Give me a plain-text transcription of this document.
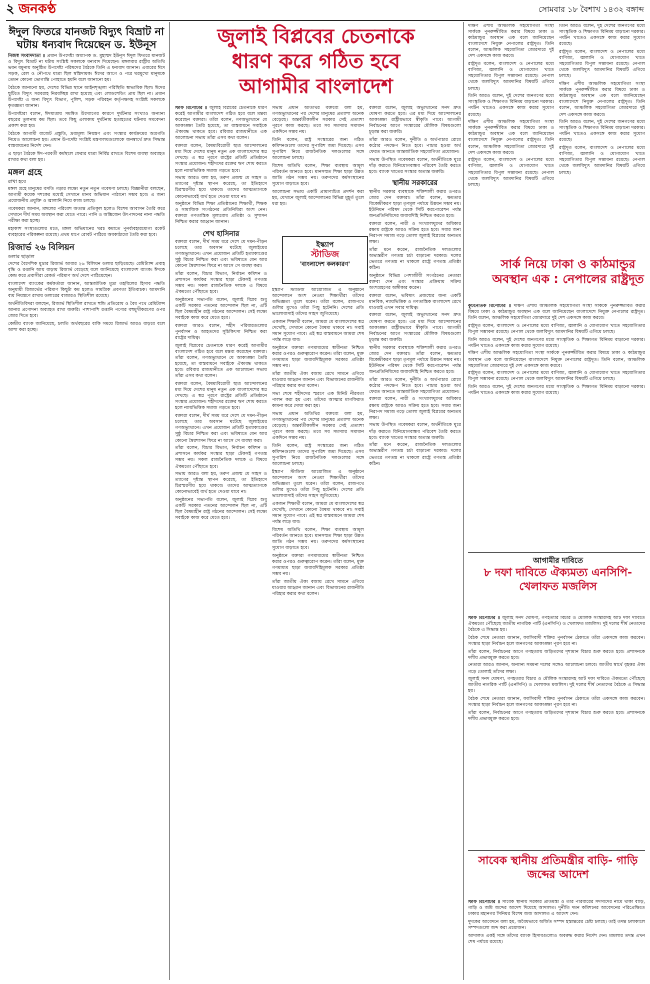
২ জনকণ্ঠ	সোমবার ১৮ বৈশাখ ১৪৩২ বঙ্গাব্দ
ঈদুল ফিতরে যানজট বিদ্যুৎ বিভ্রাট না ঘটায় ধন্যবাদ দিয়েছেন ড. ইউনূস

নিজস্ব সংবাদদাতা ॥ প্রধান উপদেষ্টা অধ্যাপক ড. মুহাম্মদ ইউনূস ঈদুল ফিতরে যানজট ও বিদ্যুৎ বিভ্রাট না ঘটায় সংশ্লিষ্ট সকলকে ধন্যবাদ দিয়েছেন। মঙ্গলবার রাষ্ট্রীয় অতিথি ভবন যমুনায় অনুষ্ঠিত উপদেষ্টা পরিষদের বৈঠকে তিনি এ ধন্যবাদ জানান। এবারের ঈদে সড়ক, রেল ও নৌপথে যাত্রা ছিল স্বস্তিদায়ক। ঈদের আগে ও পরে ঘরমুখো মানুষকে তেমন কোনো ভোগান্তি পোহাতে হয়নি বলে জানানো হয়।

বৈঠকে জানানো হয়, দেশের বিভিন্ন স্থানে আইনশৃঙ্খলা পরিস্থিতি স্বাভাবিক ছিল। ঈদের ছুটিতে বিদ্যুৎ সরবরাহ নিরবচ্ছিন্ন রাখা হয়েছে এবং লোডশেডিং প্রায় ছিল না। প্রধান উপদেষ্টা এ জন্য বিদ্যুৎ বিভাগ, পুলিশ, সড়ক পরিবহন কর্তৃপক্ষসহ সংশ্লিষ্ট সকলকে কৃতজ্ঞতা জানান।

উপদেষ্টারা বলেন, ঈদযাত্রায় সমন্বিত উদ্যোগের কারণে দুর্ঘটনার সংখ্যাও অন্যান্য বছরের তুলনায় কম ছিল। তবে কিছু এলাকায় দুর্ঘটনায় হতাহতের ঘটনায় সমবেদনা প্রকাশ করা হয়।

বৈঠকে আগামী বাজেট প্রস্তুতি, দ্রব্যমূল্য নিয়ন্ত্রণ এবং সংস্কার কার্যক্রমের অগ্রগতি নিয়েও আলোচনা হয়। প্রধান উপদেষ্টা সংশ্লিষ্ট মন্ত্রণালয়গুলোকে জনস্বার্থে দ্রুত সিদ্ধান্ত বাস্তবায়নের নির্দেশ দেন।

এ ছাড়া বৈঠকে ঈদ-পরবর্তী কর্মস্থলে ফেরার যাত্রা নির্বিঘ্ন রাখতে বিশেষ ব্যবস্থা অব্যাহত রাখার কথা বলা হয়।

মঙ্গল গ্রহে
রাখা হবে

মঙ্গল গ্রহে মানুষের বসতি গড়ার লক্ষ্যে নতুন নতুন গবেষণা চলছে। বিজ্ঞানীরা বলছেন, আগামী কয়েক দশকের মধ্যেই সেখানে মানব অভিযান পাঠানো সম্ভব হবে। এ জন্য প্রয়োজনীয় প্রযুক্তি ও জ্বালানি নিয়ে কাজ চলছে।

গবেষকরা জানান, মঙ্গলের পরিবেশ অত্যন্ত প্রতিকূল হলেও বিশেষ আবাসন তৈরি করে সেখানে দীর্ঘ সময় অবস্থান করা যেতে পারে। পানি ও অক্সিজেন উৎপাদনের নানা পদ্ধতি পরীক্ষা করা হচ্ছে।

মহাকাশ সংস্থাগুলোর মতে, মঙ্গল অভিযানের খরচ কমাতে পুনর্ব্যবহারযোগ্য রকেট ব্যবহারের পরিকল্পনা রয়েছে। প্রথম ধাপে রোবট পাঠিয়ে অবকাঠামো তৈরি করা হবে।

রিজার্ভ ২৬ বিলিয়ন
ডলার ছাড়াল

দেশের বৈদেশিক মুদ্রার রিজার্ভ আবার ২৬ বিলিয়ন ডলার ছাড়িয়েছে। রেমিট্যান্স প্রবাহ বৃদ্ধি ও রপ্তানি আয় বাড়ায় রিজার্ভ বেড়েছে বলে জানিয়েছে বাংলাদেশ ব্যাংক। ঈদকে কেন্দ্র করে প্রবাসীরা রেকর্ড পরিমাণ অর্থ দেশে পাঠিয়েছেন।

বাংলাদেশ ব্যাংকের কর্মকর্তারা জানান, আন্তর্জাতিক মুদ্রা তহবিলের হিসাব পদ্ধতি অনুযায়ী রিজার্ভের পরিমাণ কিছুটা কম হলেও সামগ্রিক প্রবণতা ইতিবাচক। আমদানি ব্যয় নিয়ন্ত্রণে রাখায় ডলারের বাজারও স্থিতিশীল রয়েছে।

অর্থনীতিবিদরা বলছেন, রিজার্ভ স্থিতিশীল রাখতে হুন্ডি প্রতিরোধ ও বৈধ পথে রেমিট্যান্স আনার প্রণোদনা অব্যাহত রাখা জরুরি। পাশাপাশি রপ্তানি পণ্যের বহুমুখীকরণের ওপর জোর দিতে হবে।

কেন্দ্রীয় ব্যাংক জানিয়েছে, চলতি অর্থবছরের বাকি সময়ে রিজার্ভ আরও বাড়বে বলে আশা করা হচ্ছে।

জুলাই বিপ্লবের চেতনাকে
ধারণ করে গঠিত হবে
আগামীর বাংলাদেশ

স্টাফ রিপোর্টার ॥ জুলাই বিপ্লবের চেতনাকে ধারণ করেই আগামীর বাংলাদেশ গঠিত হবে বলে মন্তব্য করেছেন বক্তারা। তাঁরা বলেন, গণঅভ্যুত্থানে যে আকাঙ্ক্ষা তৈরি হয়েছে, তা বাস্তবায়নে সবাইকে ঐক্যবদ্ধ থাকতে হবে। রবিবার রাজধানীতে এক আলোচনা সভায় তাঁরা এসব কথা বলেন।

বক্তারা বলেন, বৈষম্যবিরোধী ছাত্র আন্দোলনের মধ্য দিয়ে দেশের মানুষ নতুন এক বাংলাদেশের স্বপ্ন দেখছে। এ স্বপ্ন পূরণে রাষ্ট্রের প্রতিটি প্রতিষ্ঠানে সংস্কার প্রয়োজন। শহীদদের রক্তের ঋণ শোধ করতে হলে ন্যায়ভিত্তিক সমাজ গড়তে হবে।

সভায় আরও বলা হয়, তরুণ প্রজন্ম যে সাহস ও ত্যাগের দৃষ্টান্ত স্থাপন করেছে, তা ইতিহাসে চিরস্মরণীয় হয়ে থাকবে। তাদের আত্মত্যাগকে কোনোভাবেই ব্যর্থ হতে দেওয়া যাবে না।

অনুষ্ঠানে বিভিন্ন শিক্ষা প্রতিষ্ঠানের শিক্ষার্থী, শিক্ষক ও সামাজিক সংগঠনের প্রতিনিধিরা অংশ নেন। বক্তারা গণতান্ত্রিক মূল্যবোধ প্রতিষ্ঠা ও সুশাসন নিশ্চিত করার আহ্বান জানান।

শেখ হাসিনার

বক্তারা বলেন, দীর্ঘ সময় ধরে দেশে যে দমন-পীড়ন চলেছে তার অবসান ঘটেছে জুলাইয়ের গণঅভ্যুত্থানে। এখন প্রয়োজন প্রতিটি হত্যাকাণ্ডের সুষ্ঠু বিচার নিশ্চিত করা এবং ভবিষ্যতে যেন আর কোনো স্বৈরশাসন ফিরে না আসে সে ব্যবস্থা করা।

তাঁরা বলেন, বিচার বিভাগ, নির্বাচন কমিশন ও প্রশাসনে কার্যকর সংস্কার ছাড়া টেকসই গণতন্ত্র সম্ভব নয়। সকল রাজনৈতিক দলকে এ বিষয়ে ঐকমত্যে পৌঁছাতে হবে।

অনুষ্ঠানের সভাপতি বলেন, জুলাই বিপ্লব শুধু একটি সরকার পতনের আন্দোলন ছিল না, এটি ছিল বৈষম্যহীন রাষ্ট্র গঠনের আন্দোলন। সেই লক্ষ্যে সবাইকে কাজ করে যেতে হবে।

বক্তারা আরও বলেন, শহীদ পরিবারগুলোর পুনর্বাসন ও আহতদের সুচিকিৎসা নিশ্চিত করা রাষ্ট্রের দায়িত্ব।

জুলাই বিপ্লবের চেতনাকে ধারণ করেই আগামীর বাংলাদেশ গঠিত হবে বলে মন্তব্য করেছেন বক্তারা। তাঁরা বলেন, গণঅভ্যুত্থানে যে আকাঙ্ক্ষা তৈরি হয়েছে, তা বাস্তবায়নে সবাইকে ঐক্যবদ্ধ থাকতে হবে। রবিবার রাজধানীতে এক আলোচনা সভায় তাঁরা এসব কথা বলেন।

বক্তারা বলেন, বৈষম্যবিরোধী ছাত্র আন্দোলনের মধ্য দিয়ে দেশের মানুষ নতুন এক বাংলাদেশের স্বপ্ন দেখছে। এ স্বপ্ন পূরণে রাষ্ট্রের প্রতিটি প্রতিষ্ঠানে সংস্কার প্রয়োজন। শহীদদের রক্তের ঋণ শোধ করতে হলে ন্যায়ভিত্তিক সমাজ গড়তে হবে।

বক্তারা বলেন, দীর্ঘ সময় ধরে দেশে যে দমন-পীড়ন চলেছে তার অবসান ঘটেছে জুলাইয়ের গণঅভ্যুত্থানে। এখন প্রয়োজন প্রতিটি হত্যাকাণ্ডের সুষ্ঠু বিচার নিশ্চিত করা এবং ভবিষ্যতে যেন আর কোনো স্বৈরশাসন ফিরে না আসে সে ব্যবস্থা করা।

তাঁরা বলেন, বিচার বিভাগ, নির্বাচন কমিশন ও প্রশাসনে কার্যকর সংস্কার ছাড়া টেকসই গণতন্ত্র সম্ভব নয়। সকল রাজনৈতিক দলকে এ বিষয়ে ঐকমত্যে পৌঁছাতে হবে।

সভায় আরও বলা হয়, তরুণ প্রজন্ম যে সাহস ও ত্যাগের দৃষ্টান্ত স্থাপন করেছে, তা ইতিহাসে চিরস্মরণীয় হয়ে থাকবে। তাদের আত্মত্যাগকে কোনোভাবেই ব্যর্থ হতে দেওয়া যাবে না।

অনুষ্ঠানের সভাপতি বলেন, জুলাই বিপ্লব শুধু একটি সরকার পতনের আন্দোলন ছিল না, এটি ছিল বৈষম্যহীন রাষ্ট্র গঠনের আন্দোলন। সেই লক্ষ্যে সবাইকে কাজ করে যেতে হবে।

সভায় প্রধান অতিথির বক্তব্যে বলা হয়, গণঅভ্যুত্থানের পর দেশের মানুষের প্রত্যাশা অনেক বেড়েছে। অন্তর্বর্তীকালীন সরকার সেই প্রত্যাশা পূরণে কাজ করছে। তবে সব সমস্যার সমাধান একদিনে সম্ভব নয়।

তিনি বলেন, রাষ্ট্র সংস্কারের জন্য গঠিত কমিশনগুলো তাদের সুপারিশ জমা দিয়েছে। এসব সুপারিশ নিয়ে রাজনৈতিক দলগুলোর সঙ্গে আলোচনা চলছে।

বিশেষ অতিথি বলেন, শিক্ষা ব্যবস্থায় আমূল পরিবর্তন আনতে হবে। মানসম্মত শিক্ষা ছাড়া উন্নত জাতি গঠন সম্ভব নয়। তরুণদের কর্মসংস্থানের সুযোগ বাড়াতে হবে।

আলোচনা সভায় একটি প্রামাণ্যচিত্র প্রদর্শন করা হয়, যেখানে জুলাই আন্দোলনের বিভিন্ন মুহূর্ত তুলে ধরা হয়।

ইস্ক্যাপ
স্টাডিজ
'বাংলাদেশ কলকারণ'

ইস্ক্যাপ স্টাডিজ আয়োজিত এ অনুষ্ঠানে আন্দোলনে অংশ নেওয়া শিক্ষার্থীরা তাঁদের অভিজ্ঞতা তুলে ধরেন। তাঁরা বলেন, রাজপথে গুলির মুখেও তাঁরা পিছু হটেননি। দেশের প্রতি ভালোবাসাই তাঁদের সাহস জুগিয়েছে।

একজন শিক্ষার্থী বলেন, আমরা যে বাংলাদেশের স্বপ্ন দেখেছি, সেখানে কোনো বৈষম্য থাকবে না। সবাই সমান সুযোগ পাবে। এই স্বপ্ন বাস্তবায়নে আমরা শেষ পর্যন্ত লড়ে যাব।

অনুষ্ঠানে বক্তারা গণমাধ্যমের স্বাধীনতা নিশ্চিত করার ওপরও গুরুত্বারোপ করেন। তাঁরা বলেন, মুক্ত গণমাধ্যম ছাড়া জবাবদিহিমূলক সরকার প্রতিষ্ঠা সম্ভব নয়।

তাঁরা জাতীয় ঐক্য বজায় রেখে সামনে এগিয়ে যাওয়ার আহ্বান জানান এবং বিভাজনের রাজনীতি পরিহার করার কথা বলেন।

সভা শেষে শহীদদের স্মরণে এক মিনিট নীরবতা পালন করা হয় এবং তাঁদের আত্মার মাগফিরাত কামনা করে দোয়া করা হয়।

সভায় প্রধান অতিথির বক্তব্যে বলা হয়, গণঅভ্যুত্থানের পর দেশের মানুষের প্রত্যাশা অনেক বেড়েছে। অন্তর্বর্তীকালীন সরকার সেই প্রত্যাশা পূরণে কাজ করছে। তবে সব সমস্যার সমাধান একদিনে সম্ভব নয়।

তিনি বলেন, রাষ্ট্র সংস্কারের জন্য গঠিত কমিশনগুলো তাদের সুপারিশ জমা দিয়েছে। এসব সুপারিশ নিয়ে রাজনৈতিক দলগুলোর সঙ্গে আলোচনা চলছে।

ইস্ক্যাপ স্টাডিজ আয়োজিত এ অনুষ্ঠানে আন্দোলনে অংশ নেওয়া শিক্ষার্থীরা তাঁদের অভিজ্ঞতা তুলে ধরেন। তাঁরা বলেন, রাজপথে গুলির মুখেও তাঁরা পিছু হটেননি। দেশের প্রতি ভালোবাসাই তাঁদের সাহস জুগিয়েছে।

একজন শিক্ষার্থী বলেন, আমরা যে বাংলাদেশের স্বপ্ন দেখেছি, সেখানে কোনো বৈষম্য থাকবে না। সবাই সমান সুযোগ পাবে। এই স্বপ্ন বাস্তবায়নে আমরা শেষ পর্যন্ত লড়ে যাব।

বিশেষ অতিথি বলেন, শিক্ষা ব্যবস্থায় আমূল পরিবর্তন আনতে হবে। মানসম্মত শিক্ষা ছাড়া উন্নত জাতি গঠন সম্ভব নয়। তরুণদের কর্মসংস্থানের সুযোগ বাড়াতে হবে।

অনুষ্ঠানে বক্তারা গণমাধ্যমের স্বাধীনতা নিশ্চিত করার ওপরও গুরুত্বারোপ করেন। তাঁরা বলেন, মুক্ত গণমাধ্যম ছাড়া জবাবদিহিমূলক সরকার প্রতিষ্ঠা সম্ভব নয়।

তাঁরা জাতীয় ঐক্য বজায় রেখে সামনে এগিয়ে যাওয়ার আহ্বান জানান এবং বিভাজনের রাজনীতি পরিহার করার কথা বলেন।

বক্তারা বলেন, জুলাই অভ্যুত্থানের সনদ দ্রুত ঘোষণা করতে হবে। এর মধ্য দিয়ে আন্দোলনের আকাঙ্ক্ষা রাষ্ট্রীয়ভাবে স্বীকৃতি পাবে। আগামী নির্বাচনের আগে সংস্কারের মৌলিক বিষয়গুলো চূড়ান্ত করা জরুরি।

তাঁরা আরও বলেন, দুর্নীতি ও অর্থপাচার রোধে কঠোর পদক্ষেপ নিতে হবে। পাচার হওয়া অর্থ ফেরত আনতে আন্তর্জাতিক সহযোগিতা প্রয়োজন।

সভায় উপস্থিত গবেষকরা বলেন, অর্থনীতিকে ঘুরে দাঁড় করাতে বিনিয়োগবান্ধব পরিবেশ তৈরি করতে হবে। ব্যাংক খাতের সংস্কার অত্যন্ত জরুরি।

স্থানীয় সরকারের

স্থানীয় সরকার ব্যবস্থাকে শক্তিশালী করার ওপরও জোর দেন বক্তারা। তাঁরা বলেন, ক্ষমতার বিকেন্দ্রীকরণ ছাড়া তৃণমূল পর্যায়ে উন্নয়ন সম্ভব নয়। ইউনিয়ন পরিষদ থেকে সিটি করপোরেশন পর্যন্ত জনপ্রতিনিধিদের জবাবদিহি নিশ্চিত করতে হবে।

বক্তারা বলেন, নারী ও সংখ্যালঘুদের অধিকার রক্ষায় রাষ্ট্রকে আরও সক্রিয় হতে হবে। সবার জন্য নিরাপদ সমাজ গড়ে তোলা জুলাই বিপ্লবের অন্যতম লক্ষ্য।

তাঁরা মনে করেন, রাজনৈতিক দলগুলোর অভ্যন্তরীণ গণতন্ত্র চর্চা বাড়ানো দরকার। দলের ভেতরে গণতন্ত্র না থাকলে রাষ্ট্রে গণতন্ত্র প্রতিষ্ঠা কঠিন।

অনুষ্ঠানে বিভিন্ন পেশাজীবী সংগঠনের নেতারা বক্তব্য দেন এবং সংস্কার প্রক্রিয়ায় সক্রিয় অংশগ্রহণের অঙ্গীকার করেন।

বক্তারা বলেন, ভবিষ্যৎ প্রজন্মের জন্য একটি মানবিক, ন্যায়ভিত্তিক ও গণতান্ত্রিক বাংলাদেশ রেখে যাওয়াই এখন সবার দায়িত্ব।

বক্তারা বলেন, জুলাই অভ্যুত্থানের সনদ দ্রুত ঘোষণা করতে হবে। এর মধ্য দিয়ে আন্দোলনের আকাঙ্ক্ষা রাষ্ট্রীয়ভাবে স্বীকৃতি পাবে। আগামী নির্বাচনের আগে সংস্কারের মৌলিক বিষয়গুলো চূড়ান্ত করা জরুরি।

স্থানীয় সরকার ব্যবস্থাকে শক্তিশালী করার ওপরও জোর দেন বক্তারা। তাঁরা বলেন, ক্ষমতার বিকেন্দ্রীকরণ ছাড়া তৃণমূল পর্যায়ে উন্নয়ন সম্ভব নয়। ইউনিয়ন পরিষদ থেকে সিটি করপোরেশন পর্যন্ত জনপ্রতিনিধিদের জবাবদিহি নিশ্চিত করতে হবে।

তাঁরা আরও বলেন, দুর্নীতি ও অর্থপাচার রোধে কঠোর পদক্ষেপ নিতে হবে। পাচার হওয়া অর্থ ফেরত আনতে আন্তর্জাতিক সহযোগিতা প্রয়োজন।

বক্তারা বলেন, নারী ও সংখ্যালঘুদের অধিকার রক্ষায় রাষ্ট্রকে আরও সক্রিয় হতে হবে। সবার জন্য নিরাপদ সমাজ গড়ে তোলা জুলাই বিপ্লবের অন্যতম লক্ষ্য।

সভায় উপস্থিত গবেষকরা বলেন, অর্থনীতিকে ঘুরে দাঁড় করাতে বিনিয়োগবান্ধব পরিবেশ তৈরি করতে হবে। ব্যাংক খাতের সংস্কার অত্যন্ত জরুরি।

তাঁরা মনে করেন, রাজনৈতিক দলগুলোর অভ্যন্তরীণ গণতন্ত্র চর্চা বাড়ানো দরকার। দলের ভেতরে গণতন্ত্র না থাকলে রাষ্ট্রে গণতন্ত্র প্রতিষ্ঠা কঠিন।

দক্ষিণ এশীয় আঞ্চলিক সহযোগিতা সংস্থা সার্ককে পুনরুজ্জীবিত করার বিষয়ে ঢাকা ও কাঠমান্ডুর অবস্থান এক বলে জানিয়েছেন বাংলাদেশে নিযুক্ত নেপালের রাষ্ট্রদূত। তিনি বলেন, আঞ্চলিক সহযোগিতা জোরদারে দুই দেশ একসঙ্গে কাজ করবে।

রাষ্ট্রদূত বলেন, বাংলাদেশ ও নেপালের মধ্যে বাণিজ্য, জ্বালানি ও যোগাযোগ খাতে সহযোগিতার বিপুল সম্ভাবনা রয়েছে। নেপাল থেকে জলবিদ্যুৎ আমদানির বিষয়টি এগিয়ে চলছে।

তিনি আরও বলেন, দুই দেশের জনগণের মধ্যে সাংস্কৃতিক ও শিক্ষাগত বিনিময় বাড়ানো দরকার। পর্যটন খাতেও একসঙ্গে কাজ করার সুযোগ রয়েছে।

দক্ষিণ এশীয় আঞ্চলিক সহযোগিতা সংস্থা সার্ককে পুনরুজ্জীবিত করার বিষয়ে ঢাকা ও কাঠমান্ডুর অবস্থান এক বলে জানিয়েছেন বাংলাদেশে নিযুক্ত নেপালের রাষ্ট্রদূত। তিনি বলেন, আঞ্চলিক সহযোগিতা জোরদারে দুই দেশ একসঙ্গে কাজ করবে।

রাষ্ট্রদূত বলেন, বাংলাদেশ ও নেপালের মধ্যে বাণিজ্য, জ্বালানি ও যোগাযোগ খাতে সহযোগিতার বিপুল সম্ভাবনা রয়েছে। নেপাল থেকে জলবিদ্যুৎ আমদানির বিষয়টি এগিয়ে চলছে।

তিনি আরও বলেন, দুই দেশের জনগণের মধ্যে সাংস্কৃতিক ও শিক্ষাগত বিনিময় বাড়ানো দরকার। পর্যটন খাতেও একসঙ্গে কাজ করার সুযোগ রয়েছে।

রাষ্ট্রদূত বলেন, বাংলাদেশ ও নেপালের মধ্যে বাণিজ্য, জ্বালানি ও যোগাযোগ খাতে সহযোগিতার বিপুল সম্ভাবনা রয়েছে। নেপাল থেকে জলবিদ্যুৎ আমদানির বিষয়টি এগিয়ে চলছে।

দক্ষিণ এশীয় আঞ্চলিক সহযোগিতা সংস্থা সার্ককে পুনরুজ্জীবিত করার বিষয়ে ঢাকা ও কাঠমান্ডুর অবস্থান এক বলে জানিয়েছেন বাংলাদেশে নিযুক্ত নেপালের রাষ্ট্রদূত। তিনি বলেন, আঞ্চলিক সহযোগিতা জোরদারে দুই দেশ একসঙ্গে কাজ করবে।

তিনি আরও বলেন, দুই দেশের জনগণের মধ্যে সাংস্কৃতিক ও শিক্ষাগত বিনিময় বাড়ানো দরকার। পর্যটন খাতেও একসঙ্গে কাজ করার সুযোগ রয়েছে।

রাষ্ট্রদূত বলেন, বাংলাদেশ ও নেপালের মধ্যে বাণিজ্য, জ্বালানি ও যোগাযোগ খাতে সহযোগিতার বিপুল সম্ভাবনা রয়েছে। নেপাল থেকে জলবিদ্যুৎ আমদানির বিষয়টি এগিয়ে চলছে।

সার্ক নিয়ে ঢাকা ও কাঠমান্ডুর অবস্থান এক : নেপালের রাষ্ট্রদূত

কূটনৈতিক রিপোর্টার ॥ দক্ষিণ এশীয় আঞ্চলিক সহযোগিতা সংস্থা সার্ককে পুনরুজ্জীবিত করার বিষয়ে ঢাকা ও কাঠমান্ডুর অবস্থান এক বলে জানিয়েছেন বাংলাদেশে নিযুক্ত নেপালের রাষ্ট্রদূত। তিনি বলেন, আঞ্চলিক সহযোগিতা জোরদারে দুই দেশ একসঙ্গে কাজ করবে।

রাষ্ট্রদূত বলেন, বাংলাদেশ ও নেপালের মধ্যে বাণিজ্য, জ্বালানি ও যোগাযোগ খাতে সহযোগিতার বিপুল সম্ভাবনা রয়েছে। নেপাল থেকে জলবিদ্যুৎ আমদানির বিষয়টি এগিয়ে চলছে।

তিনি আরও বলেন, দুই দেশের জনগণের মধ্যে সাংস্কৃতিক ও শিক্ষাগত বিনিময় বাড়ানো দরকার। পর্যটন খাতেও একসঙ্গে কাজ করার সুযোগ রয়েছে।

দক্ষিণ এশীয় আঞ্চলিক সহযোগিতা সংস্থা সার্ককে পুনরুজ্জীবিত করার বিষয়ে ঢাকা ও কাঠমান্ডুর অবস্থান এক বলে জানিয়েছেন বাংলাদেশে নিযুক্ত নেপালের রাষ্ট্রদূত। তিনি বলেন, আঞ্চলিক সহযোগিতা জোরদারে দুই দেশ একসঙ্গে কাজ করবে।

রাষ্ট্রদূত বলেন, বাংলাদেশ ও নেপালের মধ্যে বাণিজ্য, জ্বালানি ও যোগাযোগ খাতে সহযোগিতার বিপুল সম্ভাবনা রয়েছে। নেপাল থেকে জলবিদ্যুৎ আমদানির বিষয়টি এগিয়ে চলছে।

তিনি আরও বলেন, দুই দেশের জনগণের মধ্যে সাংস্কৃতিক ও শিক্ষাগত বিনিময় বাড়ানো দরকার। পর্যটন খাতেও একসঙ্গে কাজ করার সুযোগ রয়েছে।

আগামীর দাবিতে
৮ দফা দাবিতে ঐক্যমত্য এনসিপি- খেলাফত মজলিস

স্টাফ রিপোর্টার ॥ জুলাই সনদ ঘোষণা, গণহত্যার বিচার ও মৌলিক সংস্কারসহ আট দফা দাবিতে ঐকমত্যে পৌঁছেছে জাতীয় নাগরিক পার্টি (এনসিপি) ও খেলাফত মজলিস। দুই দলের শীর্ষ নেতাদের বৈঠকে এ সিদ্ধান্ত হয়।

বৈঠক শেষে নেতারা জানান, ফ্যাসিবাদী শক্তির পুনর্বাসন ঠেকাতে তাঁরা একসঙ্গে কাজ করবেন। সংস্কার ছাড়া নির্বাচন হলে জনগণের আকাঙ্ক্ষা পূরণ হবে না।

তাঁরা বলেন, নির্বাচনের আগে গণহত্যায় জড়িতদের দৃশ্যমান বিচার শুরু করতে হবে। প্রশাসনকে দলীয় প্রভাবমুক্ত করতে হবে।

নেতারা আরও জানান, অন্যান্য সমমনা দলের সঙ্গেও আলোচনা চলবে। জাতীয় স্বার্থে বৃহত্তর ঐক্য গড়ে তোলাই তাঁদের লক্ষ্য।

জুলাই সনদ ঘোষণা, গণহত্যার বিচার ও মৌলিক সংস্কারসহ আট দফা দাবিতে ঐকমত্যে পৌঁছেছে জাতীয় নাগরিক পার্টি (এনসিপি) ও খেলাফত মজলিস। দুই দলের শীর্ষ নেতাদের বৈঠকে এ সিদ্ধান্ত হয়।

বৈঠক শেষে নেতারা জানান, ফ্যাসিবাদী শক্তির পুনর্বাসন ঠেকাতে তাঁরা একসঙ্গে কাজ করবেন। সংস্কার ছাড়া নির্বাচন হলে জনগণের আকাঙ্ক্ষা পূরণ হবে না।

তাঁরা বলেন, নির্বাচনের আগে গণহত্যায় জড়িতদের দৃশ্যমান বিচার শুরু করতে হবে। প্রশাসনকে দলীয় প্রভাবমুক্ত করতে হবে।

সাবেক স্থানীয় প্রতিমন্ত্রীর বাড়ি- গাড়ি জব্দের আদেশ

স্টাফ রিপোর্টার ॥ সাবেক স্থানীয় সরকার প্রতিমন্ত্রী ও তাঁর পরিবারের সদস্যদের নামে থাকা বাড়ি, গাড়ি ও জমি জব্দের আদেশ দিয়েছে আদালত। দুর্নীতি দমন কমিশনের আবেদনের পরিপ্রেক্ষিতে ঢাকার মহানগর সিনিয়র বিশেষ জজ আদালত এ আদেশ দেন।

দুদকের আবেদনে বলা হয়, অবৈধভাবে অর্জিত সম্পদ হস্তান্তরের চেষ্টা চলছে। তাই তদন্ত চলাকালে সম্পদগুলো জব্দ করা প্রয়োজন।

আদালত একই সঙ্গে তাঁদের ব্যাংক হিসাবগুলোও অবরুদ্ধ করার নির্দেশ দেন। মামলার তদন্ত এখন শেষ পর্যায়ে রয়েছে।
